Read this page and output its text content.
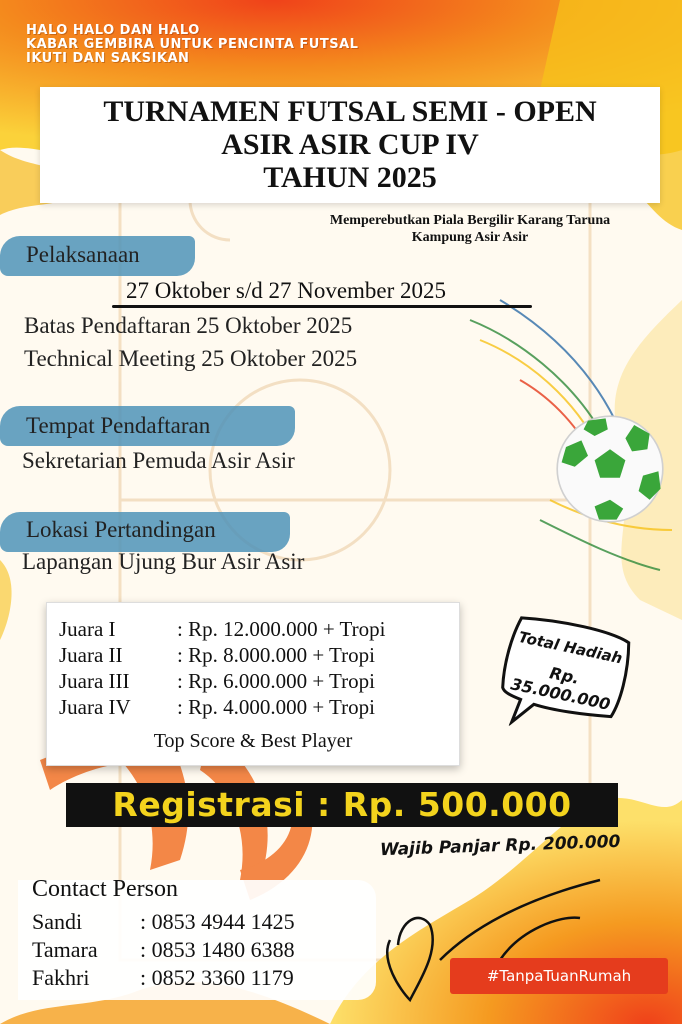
HALO HALO DAN HALO
KABAR GEMBIRA UNTUK PENCINTA FUTSAL
IKUTI DAN SAKSIKAN
TURNAMEN FUTSAL SEMI - OPEN
ASIR ASIR CUP IV
TAHUN 2025
Memperebutkan Piala Bergilir Karang Taruna
Kampung Asir Asir
Pelaksanaan
27 Oktober s/d 27 November 2025
Batas Pendaftaran 25 Oktober 2025
Technical Meeting 25 Oktober 2025
Tempat Pendaftaran
Sekretarian Pemuda Asir Asir
Lokasi Pertandingan
Lapangan Ujung Bur Asir Asir
Juara I	: Rp. 12.000.000 + Tropi
Juara II	: Rp. 8.000.000 + Tropi
Juara III : Rp. 6.000.000 + Tropi
Juara IV : Rp. 4.000.000 + Tropi
Top Score & Best Player
Total Hadiah
Rp. 35.000.000
Registrasi : Rp. 500.000
Wajib Panjar Rp. 200.000
Contact Person
Sandi	: 0853 4944 1425
Tamara : 0853 1480 6388
Fakhri : 0852 3360 1179	#TanpaTuanRumah
